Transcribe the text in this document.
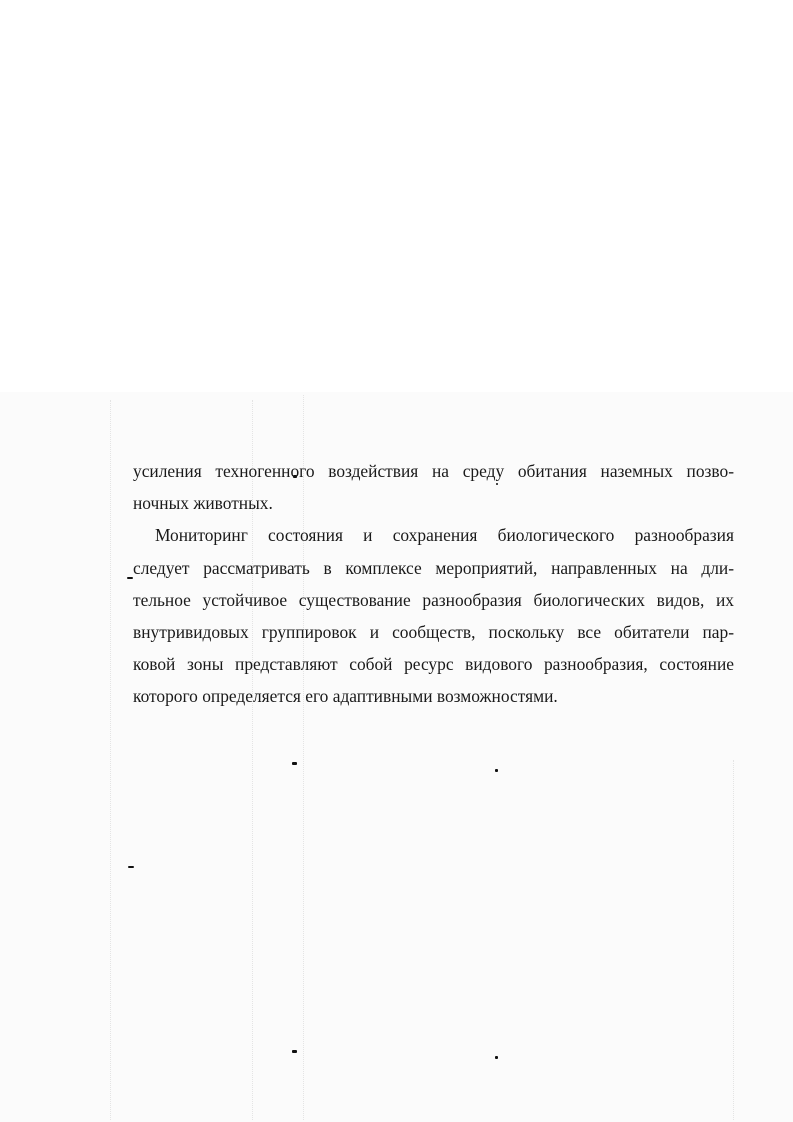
усиления техногенного воздействия на среду обитания наземных позво-
ночных животных.

Мониторинг состояния и сохранения биологического разнообразия
следует рассматривать в комплексе мероприятий, направленных на дли-
тельное устойчивое существование разнообразия биологических видов, их
внутривидовых группировок и сообществ, поскольку все обитатели пар-
ковой зоны представляют собой ресурс видового разнообразия, состояние
которого определяется его адаптивными возможностями.
